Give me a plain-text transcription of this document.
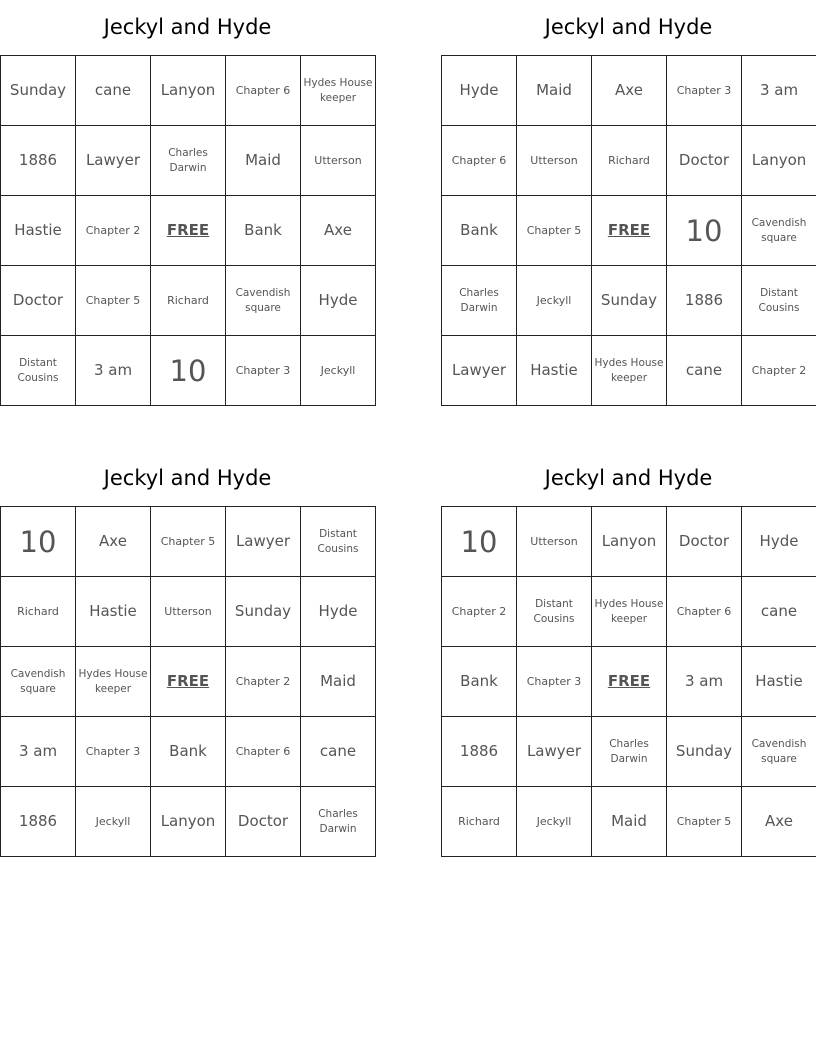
Jeckyl and Hyde
Sunday	cane	Lanyon	Chapter 6	Hydes House keeper
1886	Lawyer	Charles Darwin	Maid	Utterson
Hastie	Chapter 2	FREE	Bank	Axe
Doctor	Chapter 5	Richard	Cavendish square	Hyde
Distant Cousins	3 am	10	Chapter 3	Jeckyll
Jeckyl and Hyde
Hyde	Maid	Axe	Chapter 3	3 am
Chapter 6	Utterson	Richard	Doctor	Lanyon
Bank	Chapter 5	FREE	10	Cavendish square
Charles Darwin	Jeckyll	Sunday	1886	Distant Cousins
Lawyer	Hastie	Hydes House keeper	cane	Chapter 2
Jeckyl and Hyde
10	Axe	Chapter 5	Lawyer	Distant Cousins
Richard	Hastie	Utterson	Sunday	Hyde
Cavendish square	Hydes House keeper	FREE	Chapter 2	Maid
3 am	Chapter 3	Bank	Chapter 6	cane
1886	Jeckyll	Lanyon	Doctor	Charles Darwin
Jeckyl and Hyde
10	Utterson	Lanyon	Doctor	Hyde
Chapter 2	Distant Cousins	Hydes House keeper	Chapter 6	cane
Bank	Chapter 3	FREE	3 am	Hastie
1886	Lawyer	Charles Darwin	Sunday	Cavendish square
Richard	Jeckyll	Maid	Chapter 5	Axe
